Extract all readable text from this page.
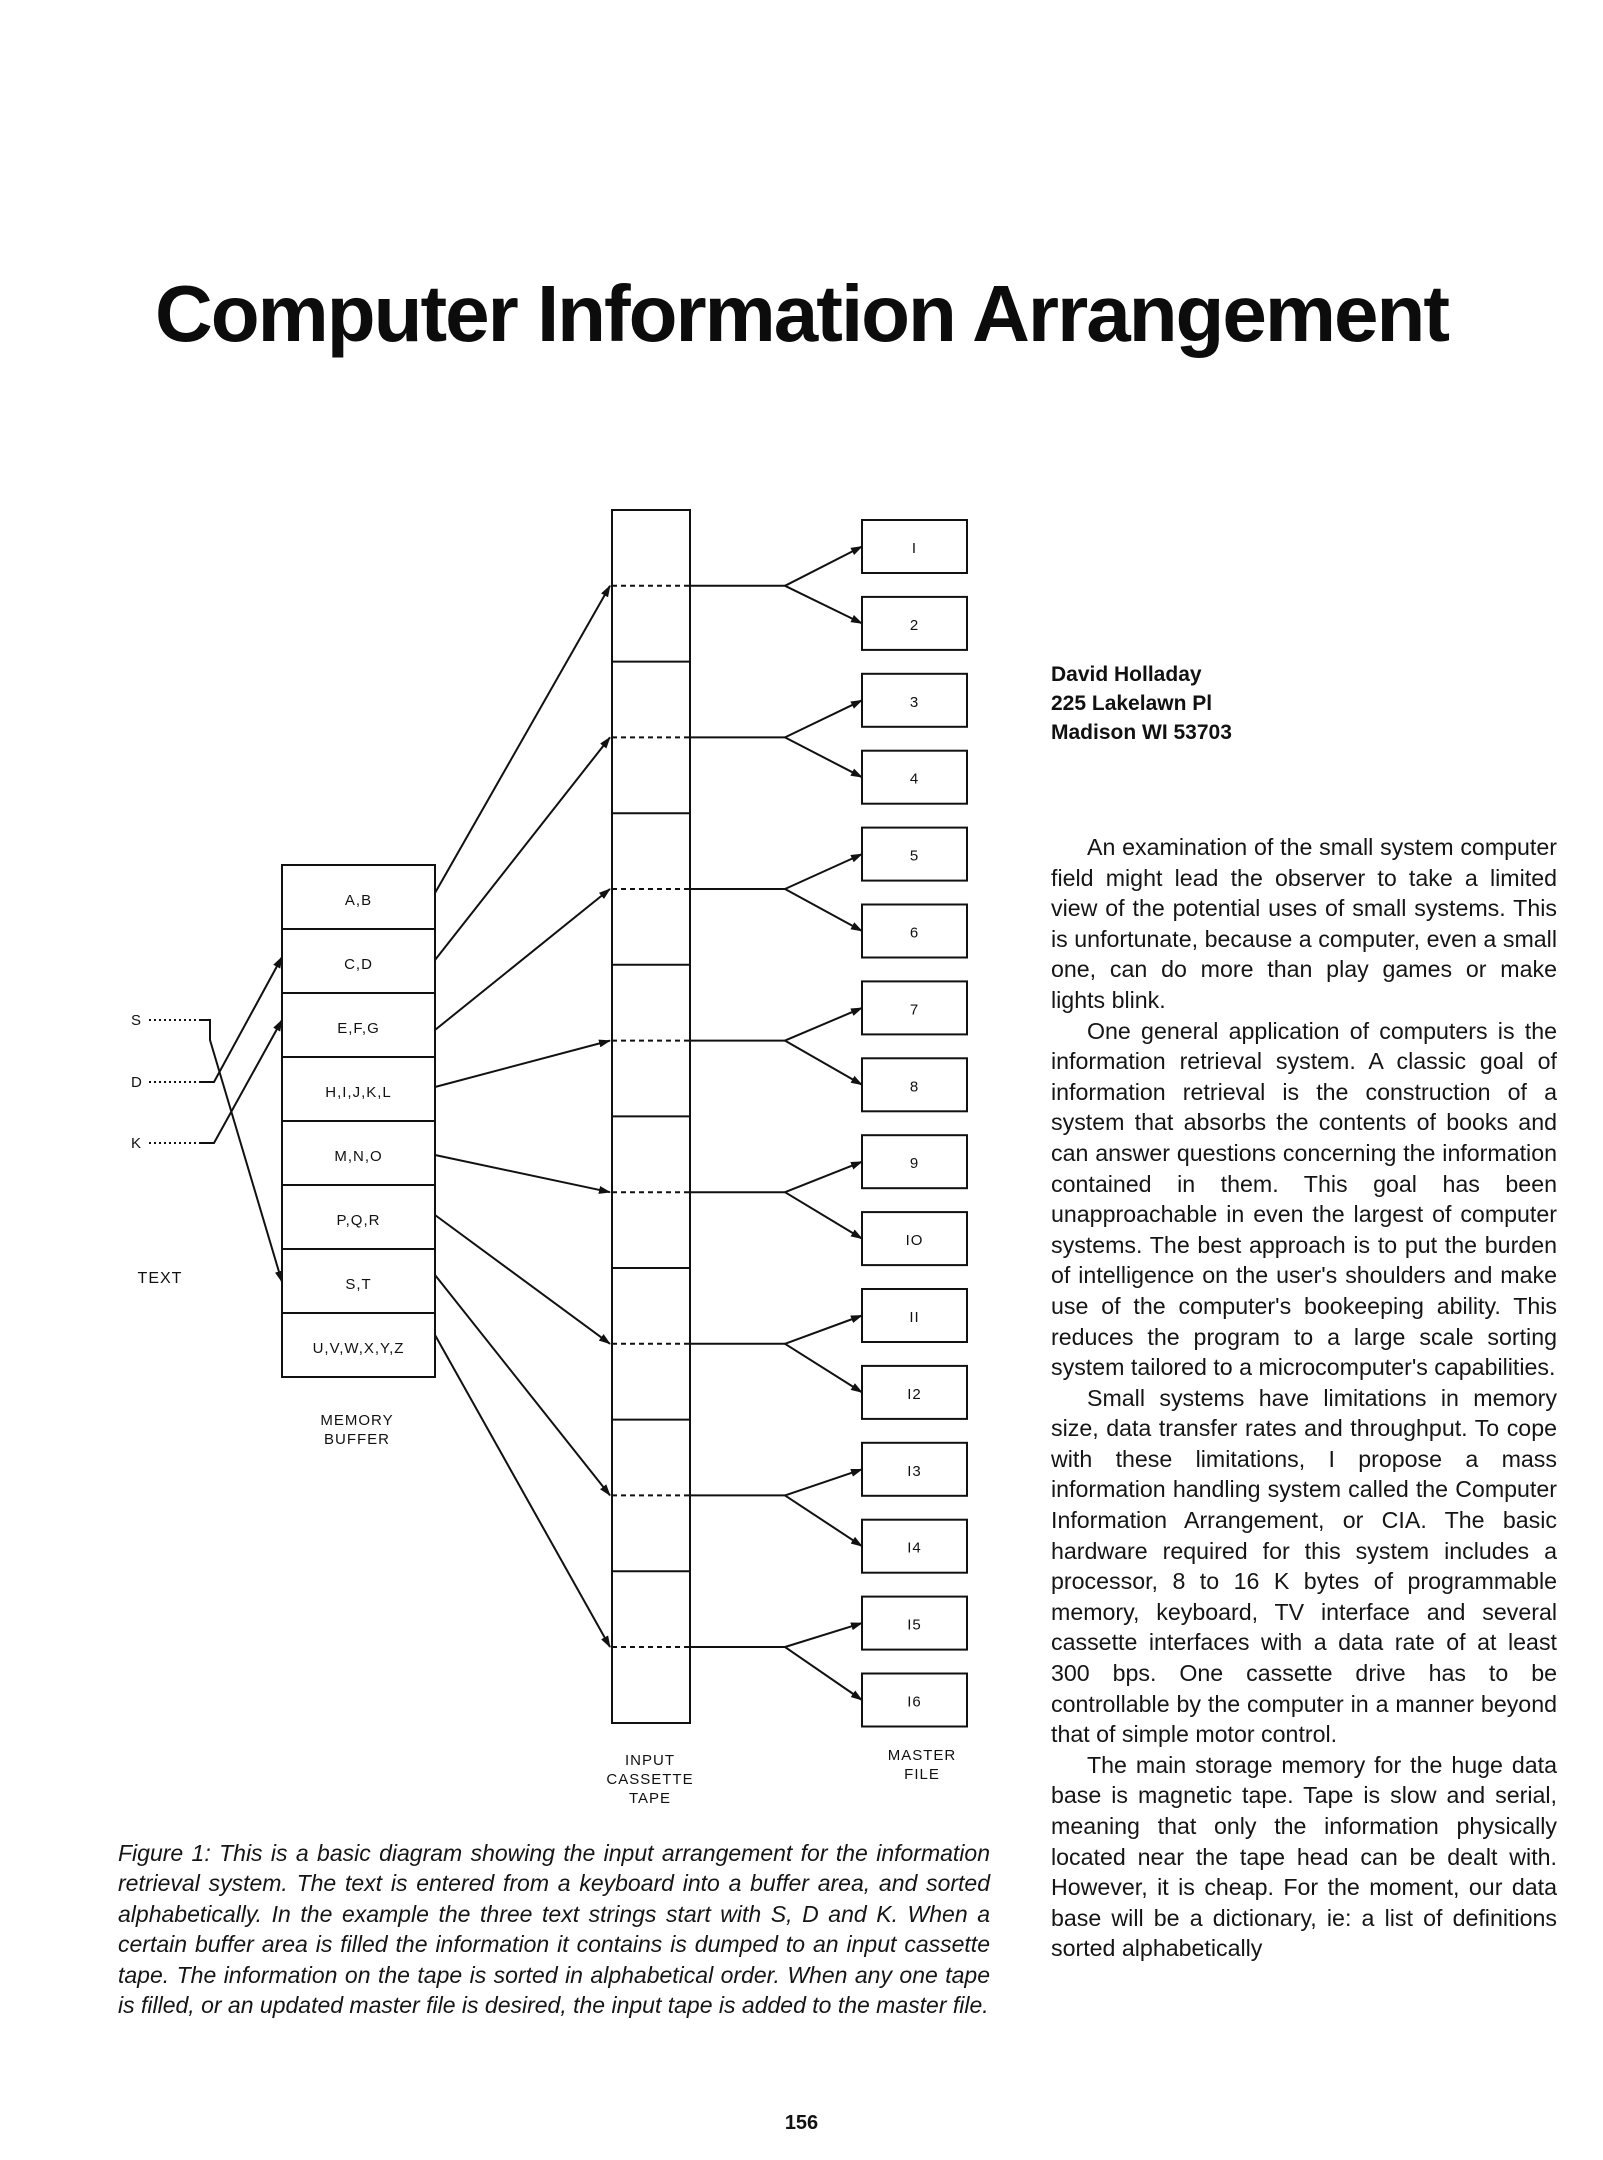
Computer Information Arrangement
David Holladay
225 Lakelawn Pl
Madison WI 53703
S
D
K
A,B
C,D
E,F,G
H,I,J,K,L
M,N,O
P,Q,R
S,T
U,V,W,X,Y,Z
I
2
3
4
5
6
7
8
9
IO
II
I2
I3
I4
I5
I6
TEXT
MEMORY
BUFFER
INPUT
CASSETTE
TAPE
MASTER
FILE

Figure 1: This is a basic diagram showing the input arrangement for the information retrieval system. The text is entered from a keyboard into a buffer area, and sorted alphabetically. In the example the three text strings start with S, D and K. When a certain buffer area is filled the information it contains is dumped to an input cassette tape. The information on the tape is sorted in alphabetical order. When any one tape is filled, or an updated master file is desired, the input tape is added to the master file.

An examination of the small system computer field might lead the observer to take a limited view of the potential uses of small systems. This is unfortunate, because a computer, even a small one, can do more than play games or make lights blink.

One general application of computers is the information retrieval system. A classic goal of information retrieval is the construction of a system that absorbs the contents of books and can answer questions concerning the information contained in them. This goal has been unapproachable in even the largest of computer systems. The best approach is to put the burden of intelligence on the user's shoulders and make use of the computer's bookeeping ability. This reduces the program to a large scale sorting system tailored to a microcomputer's capabilities.

Small systems have limitations in memory size, data transfer rates and throughput. To cope with these limitations, I propose a mass information handling system called the Computer Information Arrangement, or CIA. The basic hardware required for this system includes a processor, 8 to 16 K bytes of programmable memory, keyboard, TV interface and several cassette interfaces with a data rate of at least 300 bps. One cassette drive has to be controllable by the computer in a manner beyond that of simple motor control.

The main storage memory for the huge data base is magnetic tape. Tape is slow and serial, meaning that only the information physically located near the tape head can be dealt with. However, it is cheap. For the moment, our data base will be a dictionary, ie: a list of definitions sorted alphabetically

156
